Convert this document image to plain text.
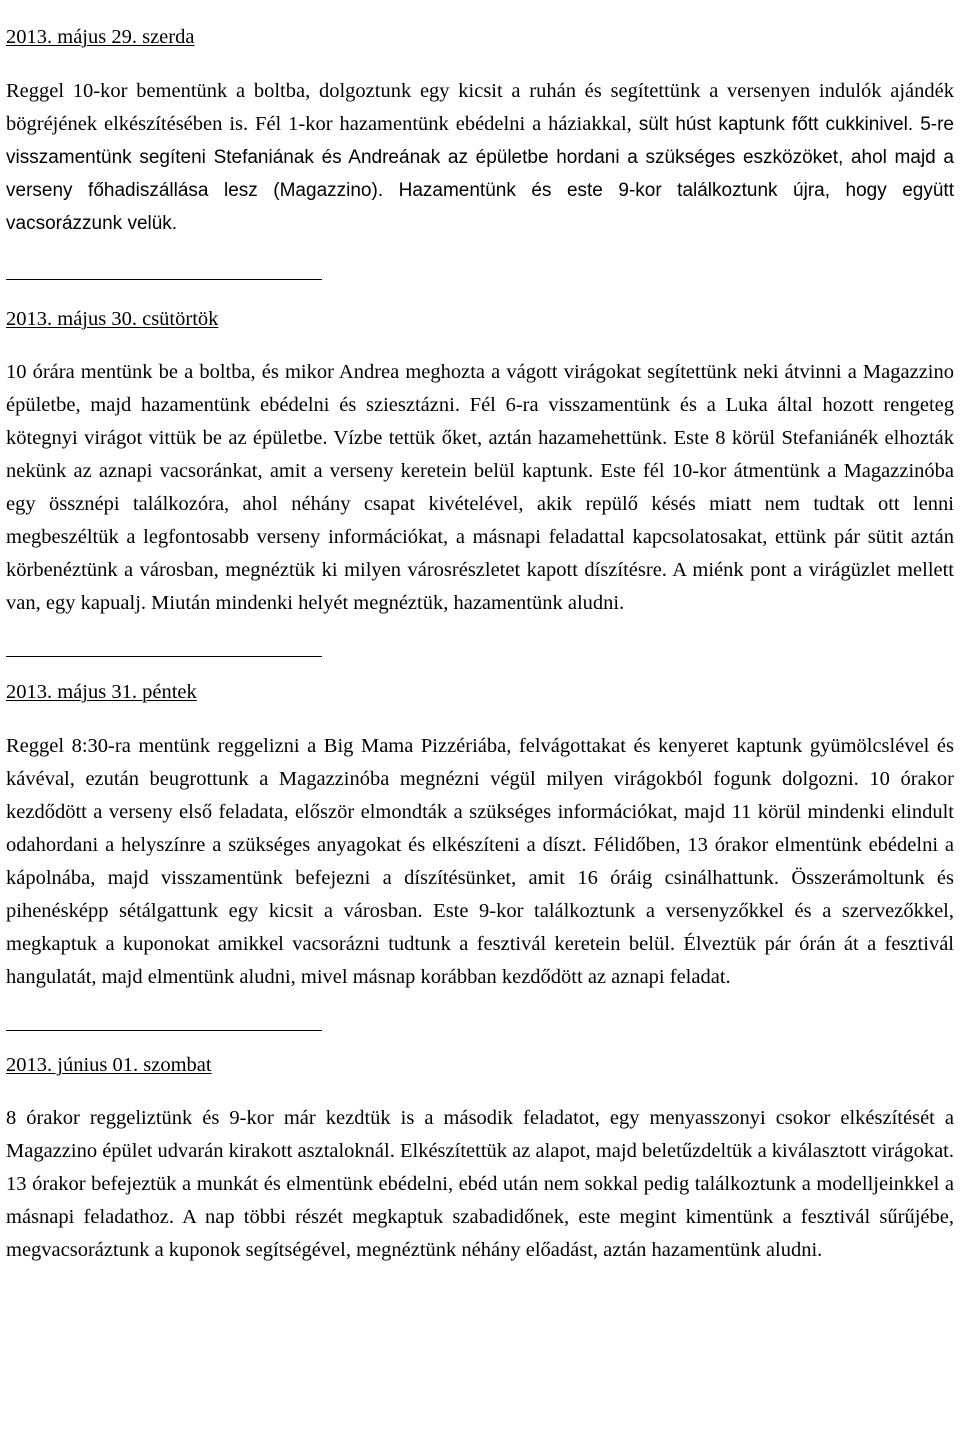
2013. május 29. szerda

Reggel 10-kor bementünk a boltba, dolgoztunk egy kicsit a ruhán és segítettünk a versenyen indulók ajándék bögréjének elkészítésében is. Fél 1-kor hazamentünk ebédelni a háziakkal, sült húst kaptunk főtt cukkinivel. 5-re visszamentünk segíteni Stefaniának és Andreának az épületbe hordani a szükséges eszközöket, ahol majd a verseny főhadiszállása lesz (Magazzino). Hazamentünk és este 9-kor találkoztunk újra, hogy együtt vacsorázzunk velük.

2013. május 30. csütörtök

10 órára mentünk be a boltba, és mikor Andrea meghozta a vágott virágokat segítettünk neki átvinni a Magazzino épületbe, majd hazamentünk ebédelni és sziesztázni. Fél 6-ra visszamentünk és a Luka által hozott rengeteg kötegnyi virágot vittük be az épületbe. Vízbe tettük őket, aztán hazamehettünk. Este 8 körül Stefaniánék elhozták nekünk az aznapi vacsoránkat, amit a verseny keretein belül kaptunk. Este fél 10-kor átmentünk a Magazzinóba egy össznépi találkozóra, ahol néhány csapat kivételével, akik repülő késés miatt nem tudtak ott lenni megbeszéltük a legfontosabb verseny információkat, a másnapi feladattal kapcsolatosakat, ettünk pár sütit aztán körbenéztünk a városban, megnéztük ki milyen városrészletet kapott díszítésre. A miénk pont a virágüzlet mellett van, egy kapualj. Miután mindenki helyét megnéztük, hazamentünk aludni.

2013. május 31. péntek

Reggel 8:30-ra mentünk reggelizni a Big Mama Pizzériába, felvágottakat és kenyeret kaptunk gyümölcslével és kávéval, ezután beugrottunk a Magazzinóba megnézni végül milyen virágokból fogunk dolgozni. 10 órakor kezdődött a verseny első feladata, először elmondták a szükséges információkat, majd 11 körül mindenki elindult odahordani a helyszínre a szükséges anyagokat és elkészíteni a díszt. Félidőben, 13 órakor elmentünk ebédelni a kápolnába, majd visszamentünk befejezni a díszítésünket, amit 16 óráig csinálhattunk. Összerámoltunk és pihenésképp sétálgattunk egy kicsit a városban. Este 9-kor találkoztunk a versenyzőkkel és a szervezőkkel, megkaptuk a kuponokat amikkel vacsorázni tudtunk a fesztivál keretein belül. Élveztük pár órán át a fesztivál hangulatát, majd elmentünk aludni, mivel másnap korábban kezdődött az aznapi feladat.

2013. június 01. szombat

8 órakor reggeliztünk és 9-kor már kezdtük is a második feladatot, egy menyasszonyi csokor elkészítését a Magazzino épület udvarán kirakott asztaloknál. Elkészítettük az alapot, majd beletűzdeltük a kiválasztott virágokat. 13 órakor befejeztük a munkát és elmentünk ebédelni, ebéd után nem sokkal pedig találkoztunk a modelljeinkkel a másnapi feladathoz. A nap többi részét megkaptuk szabadidőnek, este megint kimentünk a fesztivál sűrűjébe, megvacsoráztunk a kuponok segítségével, megnéztünk néhány előadást, aztán hazamentünk aludni.
